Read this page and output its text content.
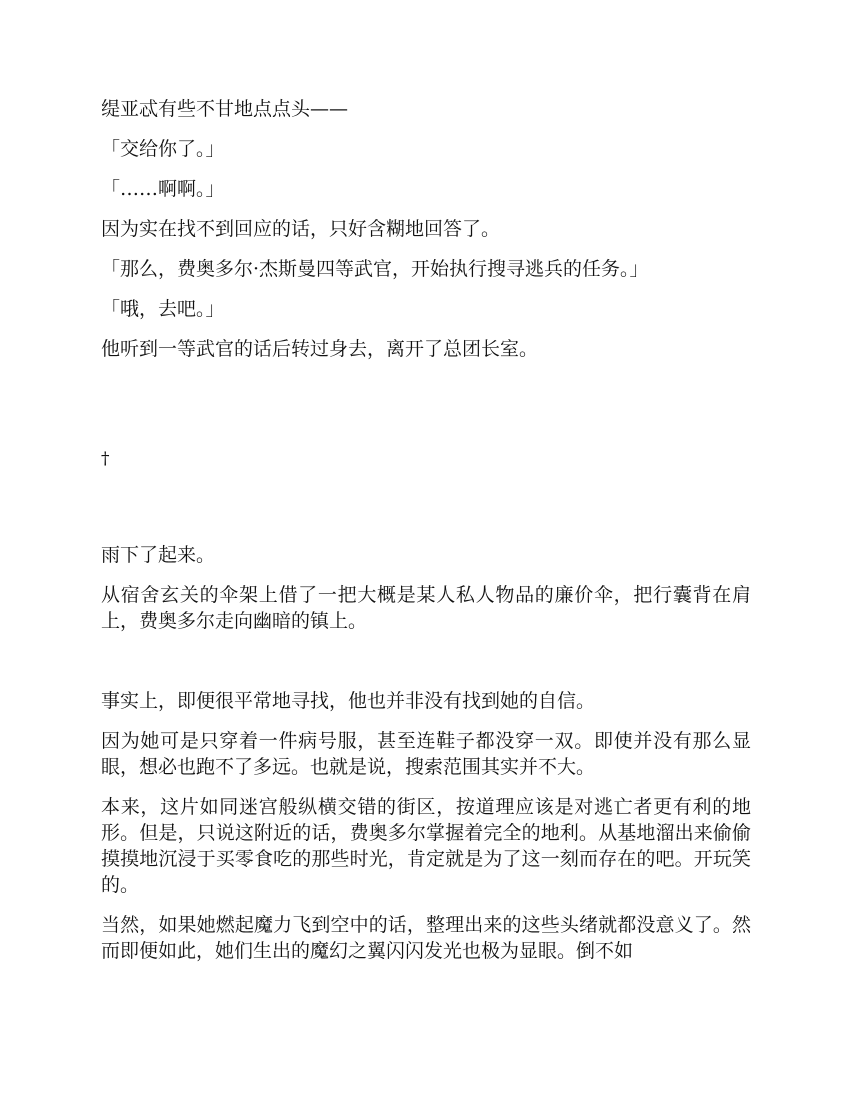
缇亚忒有些不甘地点点头——

「交给你了。」

「……啊啊。」

因为实在找不到回应的话，只好含糊地回答了。

「那么，费奥多尔·杰斯曼四等武官，开始执行搜寻逃兵的任务。」

「哦，去吧。」

他听到一等武官的话后转过身去，离开了总团长室。

†

雨下了起来。

从宿舍玄关的伞架上借了一把大概是某人私人物品的廉价伞，把行囊背在肩上，费奥多尔走向幽暗的镇上。

事实上，即便很平常地寻找，他也并非没有找到她的自信。

因为她可是只穿着一件病号服，甚至连鞋子都没穿一双。即使并没有那么显眼，想必也跑不了多远。也就是说，搜索范围其实并不大。

本来，这片如同迷宫般纵横交错的街区，按道理应该是对逃亡者更有利的地形。但是，只说这附近的话，费奥多尔掌握着完全的地利。从基地溜出来偷偷摸摸地沉浸于买零食吃的那些时光，肯定就是为了这一刻而存在的吧。开玩笑的。

当然，如果她燃起魔力飞到空中的话，整理出来的这些头绪就都没意义了。然而即便如此，她们生出的魔幻之翼闪闪发光也极为显眼。倒不如
